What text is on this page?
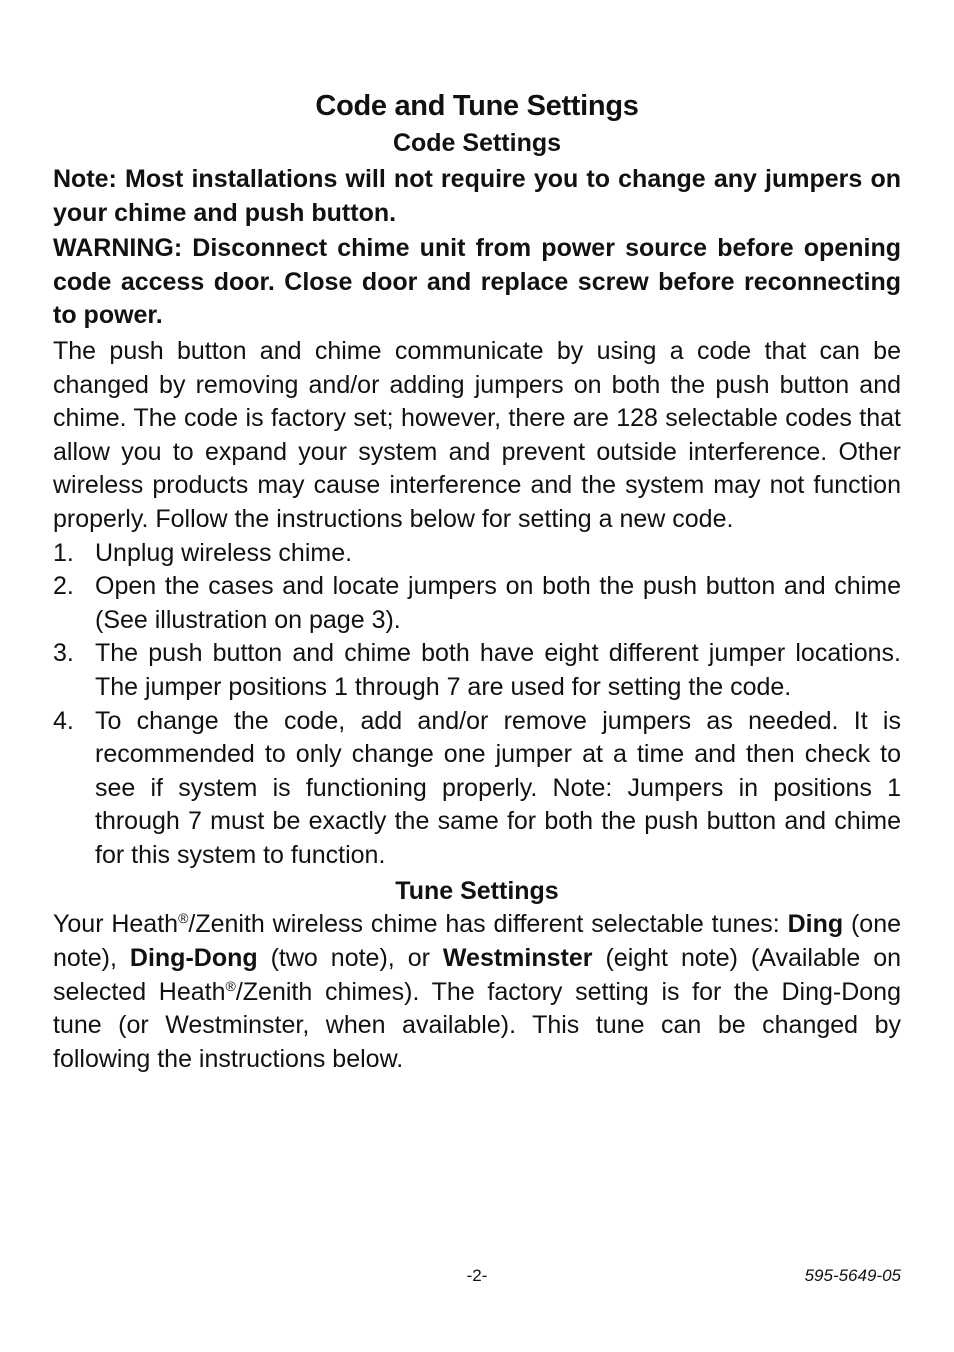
Code and Tune Settings
Code Settings

Note: Most installations will not require you to change any jumpers on your chime and push button.

WARNING: Disconnect chime unit from power source before opening code access door. Close door and replace screw before reconnecting to power.

The push button and chime communicate by using a code that can be changed by removing and/or adding jumpers on both the push button and chime. The code is factory set; however, there are 128 selectable codes that allow you to expand your system and prevent outside interference. Other wireless products may cause interference and the system may not function properly. Follow the instructions below for setting a new code.

1. Unplug wireless chime.
2. Open the cases and locate jumpers on both the push button and chime (See illustration on page 3).
3. The push button and chime both have eight different jumper locations. The jumper positions 1 through 7 are used for setting the code.
4. To change the code, add and/or remove jumpers as needed. It is recommended to only change one jumper at a time and then check to see if system is functioning properly. Note: Jumpers in positions 1 through 7 must be exactly the same for both the push button and chime for this system to function.
Tune Settings

Your Heath®/Zenith wireless chime has different selectable tunes: Ding (one note), Ding-Dong (two note), or Westminster (eight note) (Available on selected Heath®/Zenith chimes). The factory setting is for the Ding-Dong tune (or Westminster, when available). This tune can be changed by following the instructions below.

-2-	595-5649-05
